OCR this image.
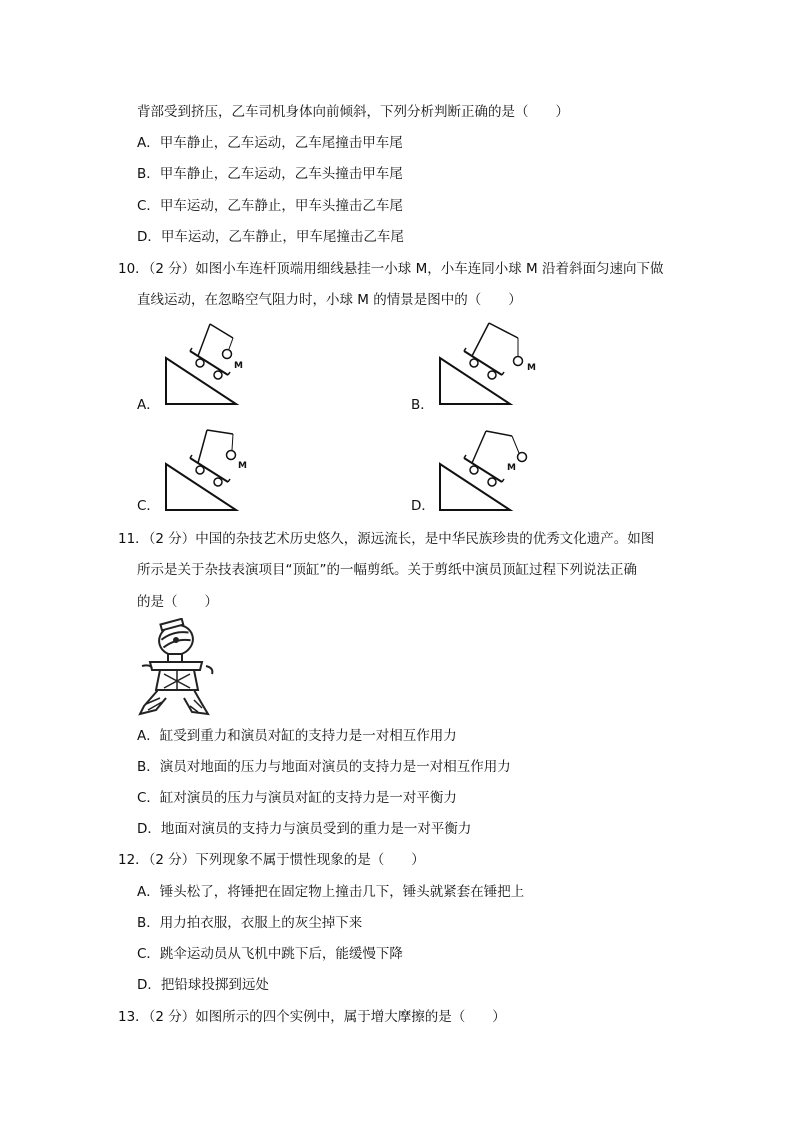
背部受到挤压，乙车司机身体向前倾斜，下列分析判断正确的是（　　）
A．甲车静止，乙车运动，乙车尾撞击甲车尾
B．甲车静止，乙车运动，乙车头撞击甲车尾
C．甲车运动，乙车静止，甲车头撞击乙车尾
D．甲车运动，乙车静止，甲车尾撞击乙车尾
10．（2 分）如图小车连杆顶端用细线悬挂一小球 M，小车连同小球 M 沿着斜面匀速向下做
直线运动，在忽略空气阻力时，小球 M 的情景是图中的（　　）
M
A．
M
B．
M
C．
M
D．
11．（2 分）中国的杂技艺术历史悠久，源远流长，是中华民族珍贵的优秀文化遗产。如图
所示是关于杂技表演项目“顶缸”的一幅剪纸。关于剪纸中演员顶缸过程下列说法正确
的是（　　）
A．缸受到重力和演员对缸的支持力是一对相互作用力
B．演员对地面的压力与地面对演员的支持力是一对相互作用力
C．缸对演员的压力与演员对缸的支持力是一对平衡力
D．地面对演员的支持力与演员受到的重力是一对平衡力
12．（2 分）下列现象不属于惯性现象的是（　　）
A．锤头松了，将锤把在固定物上撞击几下，锤头就紧套在锤把上
B．用力拍衣服，衣服上的灰尘掉下来
C．跳伞运动员从飞机中跳下后，能缓慢下降
D．把铅球投掷到远处
13．（2 分）如图所示的四个实例中，属于增大摩擦的是（　　）
